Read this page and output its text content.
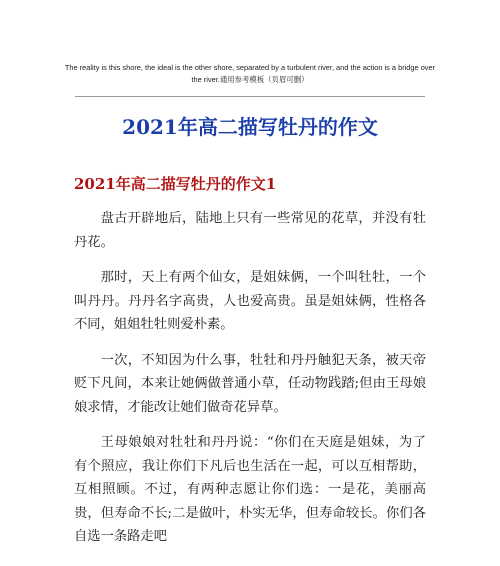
The reality is this shore, the ideal is the other shore, separated by a turbulent river, and the action is a bridge over the river.通用参考模板（页眉可删）
2021年高二描写牡丹的作文
2021年高二描写牡丹的作文1

盘古开辟地后，陆地上只有一些常见的花草，并没有牡丹花。

那时，天上有两个仙女，是姐妹俩，一个叫牡牡，一个叫丹丹。丹丹名字高贵，人也爱高贵。虽是姐妹俩，性格各不同，姐姐牡牡则爱朴素。

一次，不知因为什么事，牡牡和丹丹触犯天条，被天帝贬下凡间，本来让她俩做普通小草，任动物践踏;但由王母娘娘求情，才能改让她们做奇花异草。

王母娘娘对牡牡和丹丹说：“你们在天庭是姐妹，为了有个照应，我让你们下凡后也生活在一起，可以互相帮助，互相照顾。不过，有两种志愿让你们选：一是花，美丽高贵，但寿命不长;二是做叶，朴实无华，但寿命较长。你们各自选一条路走吧
